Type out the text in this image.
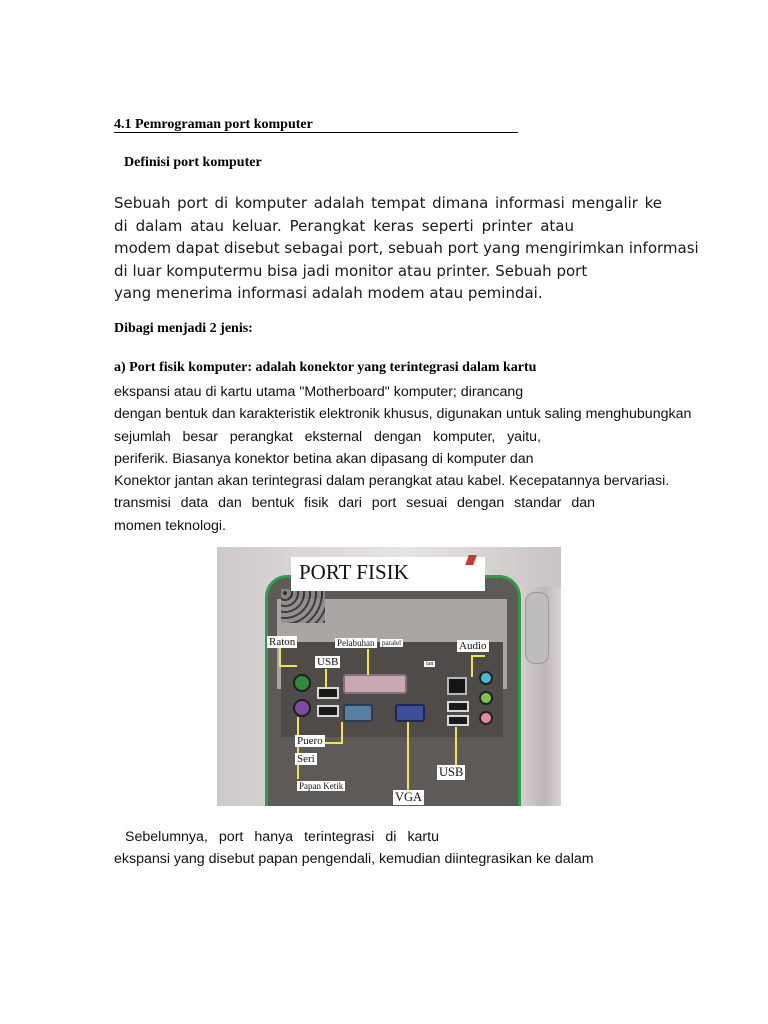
4.1 Pemrograman port komputer
Definisi port komputer
Sebuah port di komputer adalah tempat dimana informasi mengalir ke
di dalam atau keluar. Perangkat keras seperti printer atau
modem dapat disebut sebagai port, sebuah port yang mengirimkan informasi
di luar komputermu bisa jadi monitor atau printer. Sebuah port
yang menerima informasi adalah modem atau pemindai.
Dibagi menjadi 2 jenis:
a) Port fisik komputer: adalah konektor yang terintegrasi dalam kartu
ekspansi atau di kartu utama "Motherboard" komputer; dirancang
dengan bentuk dan karakteristik elektronik khusus, digunakan untuk saling menghubungkan
sejumlah besar perangkat eksternal dengan komputer, yaitu,
periferik. Biasanya konektor betina akan dipasang di komputer dan
Konektor jantan akan terintegrasi dalam perangkat atau kabel. Kecepatannya bervariasi.
transmisi data dan bentuk fisik dari port sesuai dengan standar dan
momen teknologi.
PORT FISIK
Raton	Pelabuhan paralel	Audio
USB	lan
Puero
Seri
Papan Ketik
USB
VGA
Sebelumnya, port hanya terintegrasi di kartu
ekspansi yang disebut papan pengendali, kemudian diintegrasikan ke dalam
